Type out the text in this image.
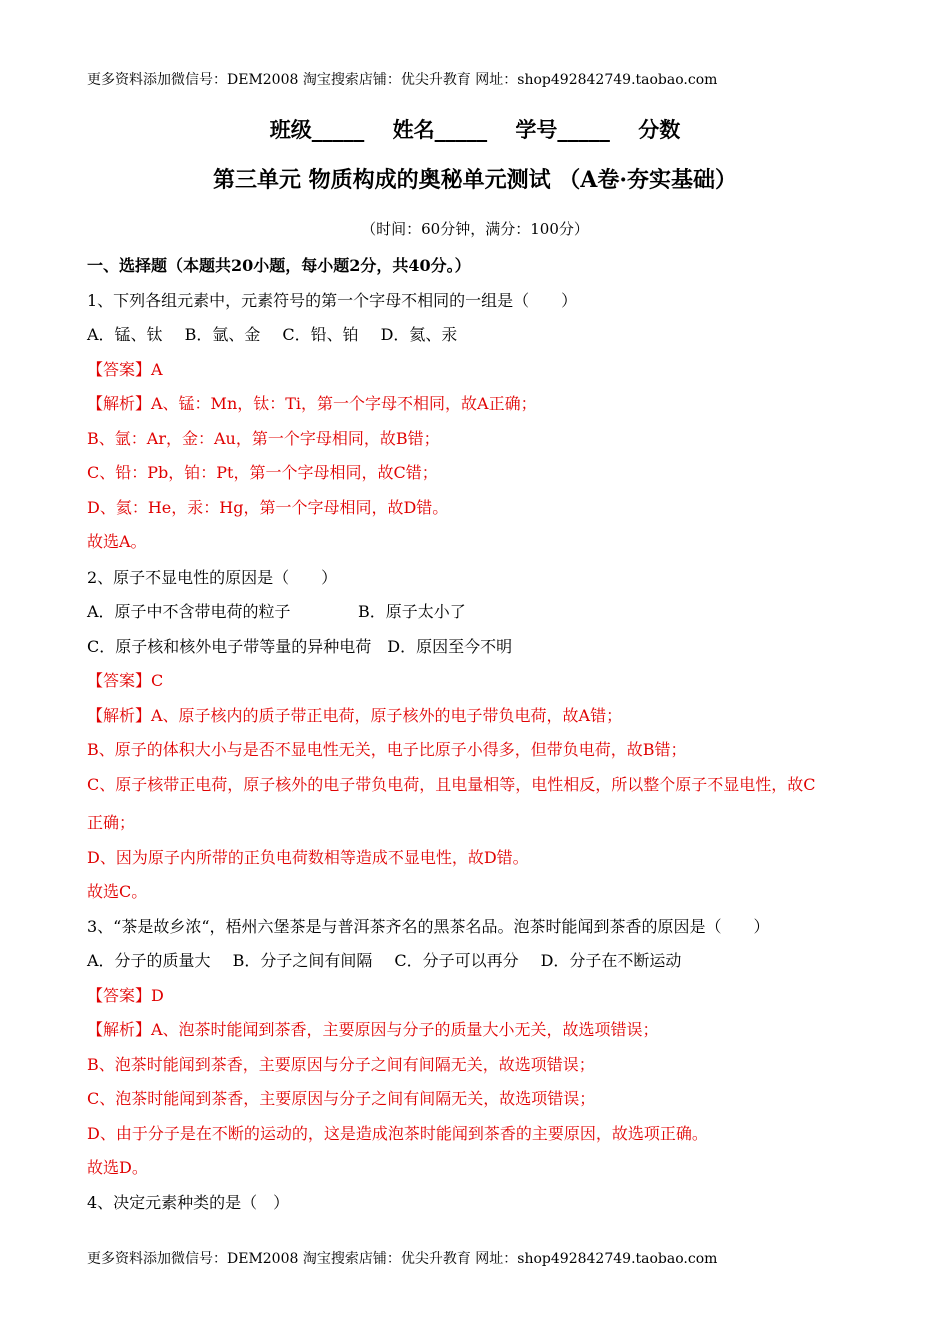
更多资料添加微信号：DEM2008 淘宝搜索店铺：优尖升教育 网址：shop492842749.taobao.com
班级_____　 姓名_____　 学号_____　 分数
第三单元 物质构成的奥秘单元测试 （A卷·夯实基础）
（时间：60分钟，满分：100分）
一、选择题（本题共20小题，每小题2分，共40分。）
1、下列各组元素中，元素符号的第一个字母不相同的一组是（　　）
A．锰、钛 B．氩、金 C．铅、铂 D．氦、汞
【答案】A
【解析】A、锰：Mn，钛：Ti，第一个字母不相同，故A正确；
B、氩：Ar，金：Au，第一个字母相同，故B错；
C、铅：Pb，铂：Pt，第一个字母相同，故C错；
D、氦：He，汞：Hg，第一个字母相同，故D错。
故选A。
2、原子不显电性的原因是（　　）
A．原子中不含带电荷的粒子	B．原子太小了
C．原子核和核外电子带等量的异种电荷 D．原因至今不明
【答案】C
【解析】A、原子核内的质子带正电荷，原子核外的电子带负电荷，故A错；
B、原子的体积大小与是否不显电性无关，电子比原子小得多，但带负电荷，故B错；
C、原子核带正电荷，原子核外的电子带负电荷，且电量相等，电性相反，所以整个原子不显电性，故C
正确；
D、因为原子内所带的正负电荷数相等造成不显电性，故D错。
故选C。
3、“茶是故乡浓“，梧州六堡茶是与普洱茶齐名的黑茶名品。泡茶时能闻到茶香的原因是（　　）
A．分子的质量大 B．分子之间有间隔 C．分子可以再分 D．分子在不断运动
【答案】D
【解析】A、泡茶时能闻到茶香，主要原因与分子的质量大小无关，故选项错误；
B、泡茶时能闻到茶香，主要原因与分子之间有间隔无关，故选项错误；
C、泡茶时能闻到茶香，主要原因与分子之间有间隔无关，故选项错误；
D、由于分子是在不断的运动的，这是造成泡茶时能闻到茶香的主要原因，故选项正确。
故选D。
4、决定元素种类的是（　）
更多资料添加微信号：DEM2008 淘宝搜索店铺：优尖升教育 网址：shop492842749.taobao.com
